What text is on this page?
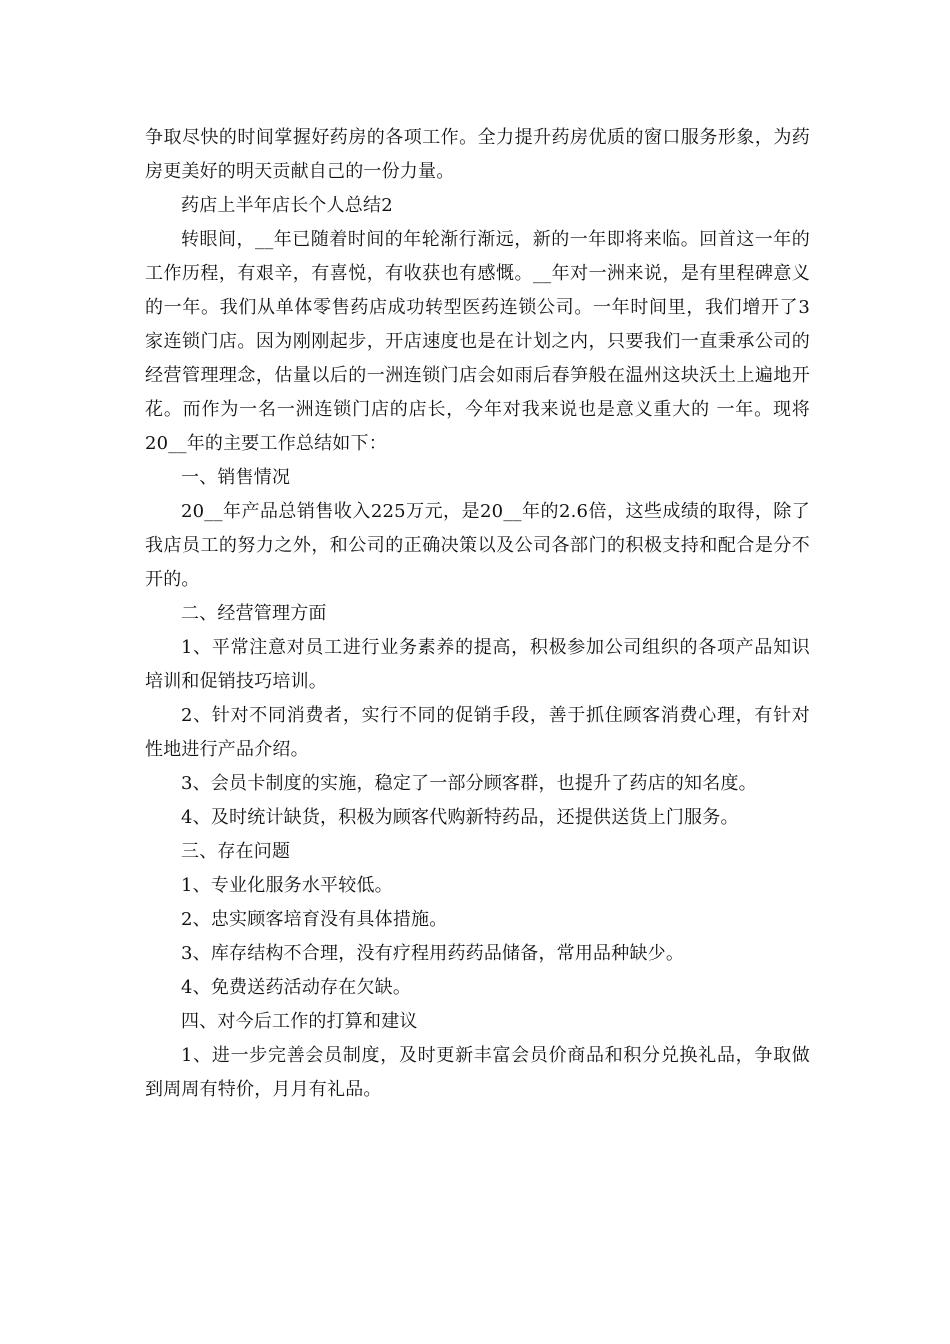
争取尽快的时间掌握好药房的各项工作。全力提升药房优质的窗口服务形象，为药房更美好的明天贡献自己的一份力量。

药店上半年店长个人总结2

转眼间，__年已随着时间的年轮渐行渐远，新的一年即将来临。回首这一年的工作历程，有艰辛，有喜悦，有收获也有感慨。__年对一洲来说，是有里程碑意义的一年。我们从单体零售药店成功转型医药连锁公司。一年时间里，我们增开了3家连锁门店。因为刚刚起步，开店速度也是在计划之内，只要我们一直秉承公司的经营管理理念，估量以后的一洲连锁门店会如雨后春笋般在温州这块沃土上遍地开花。而作为一名一洲连锁门店的店长，今年对我来说也是意义重大的 一年。现将20__年的主要工作总结如下：

一、销售情况

20__年产品总销售收入225万元，是20__年的2.6倍，这些成绩的取得，除了我店员工的努力之外，和公司的正确决策以及公司各部门的积极支持和配合是分不开的。

二、经营管理方面

1、平常注意对员工进行业务素养的提高，积极参加公司组织的各项产品知识培训和促销技巧培训。

2、针对不同消费者，实行不同的促销手段，善于抓住顾客消费心理，有针对性地进行产品介绍。

3、会员卡制度的实施，稳定了一部分顾客群，也提升了药店的知名度。

4、及时统计缺货，积极为顾客代购新特药品，还提供送货上门服务。

三、存在问题

1、专业化服务水平较低。

2、忠实顾客培育没有具体措施。

3、库存结构不合理，没有疗程用药药品储备，常用品种缺少。

4、免费送药活动存在欠缺。

四、对今后工作的打算和建议

1、进一步完善会员制度，及时更新丰富会员价商品和积分兑换礼品，争取做到周周有特价，月月有礼品。
